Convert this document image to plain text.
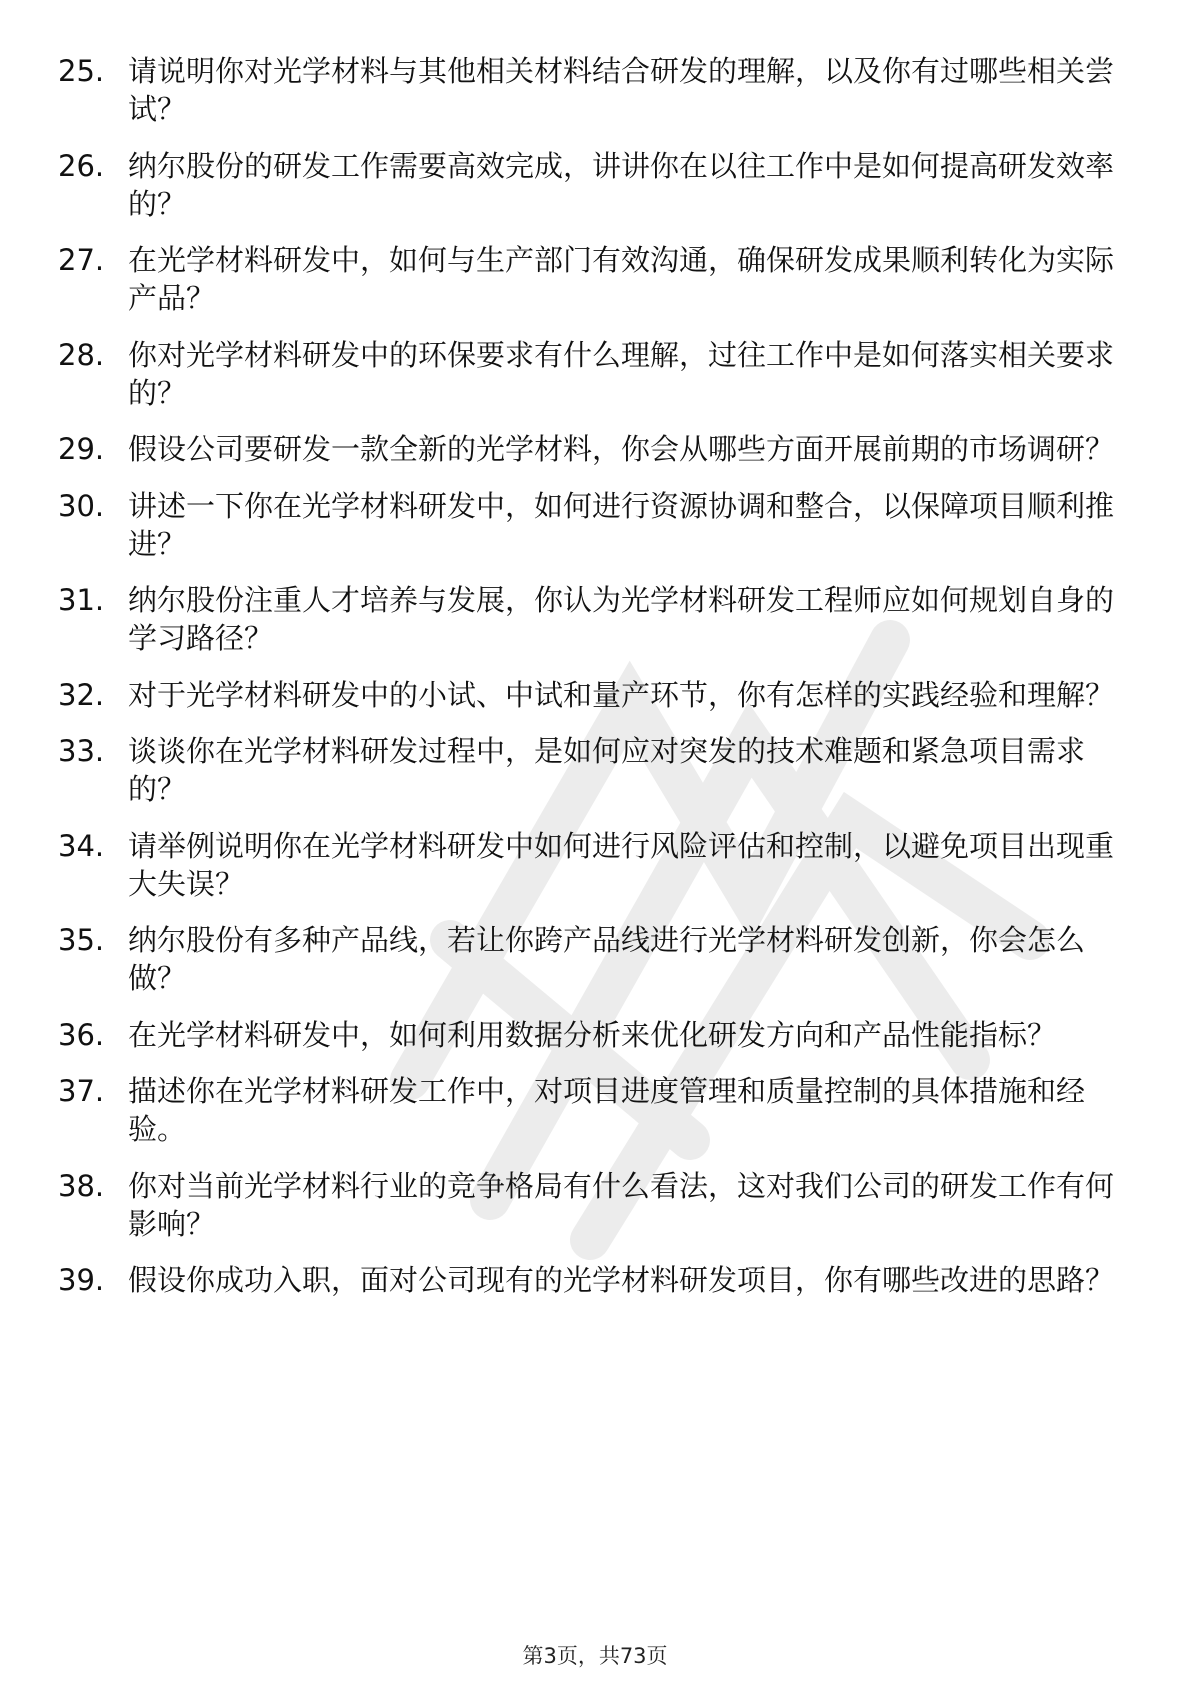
25. 请说明你对光学材料与其他相关材料结合研发的理解，以及你有过哪些相关尝试？
26. 纳尔股份的研发工作需要高效完成，讲讲你在以往工作中是如何提高研发效率的？
27. 在光学材料研发中，如何与生产部门有效沟通，确保研发成果顺利转化为实际产品？
28. 你对光学材料研发中的环保要求有什么理解，过往工作中是如何落实相关要求的？
29. 假设公司要研发一款全新的光学材料，你会从哪些方面开展前期的市场调研？
30. 讲述一下你在光学材料研发中，如何进行资源协调和整合，以保障项目顺利推进？
31. 纳尔股份注重人才培养与发展，你认为光学材料研发工程师应如何规划自身的学习路径？
32. 对于光学材料研发中的小试、中试和量产环节，你有怎样的实践经验和理解？
33. 谈谈你在光学材料研发过程中，是如何应对突发的技术难题和紧急项目需求的？
34. 请举例说明你在光学材料研发中如何进行风险评估和控制，以避免项目出现重大失误？
35. 纳尔股份有多种产品线，若让你跨产品线进行光学材料研发创新，你会怎么做？
36. 在光学材料研发中，如何利用数据分析来优化研发方向和产品性能指标？
37. 描述你在光学材料研发工作中，对项目进度管理和质量控制的具体措施和经验。
38. 你对当前光学材料行业的竞争格局有什么看法，这对我们公司的研发工作有何影响？
39. 假设你成功入职，面对公司现有的光学材料研发项目，你有哪些改进的思路？
第3页，共73页
